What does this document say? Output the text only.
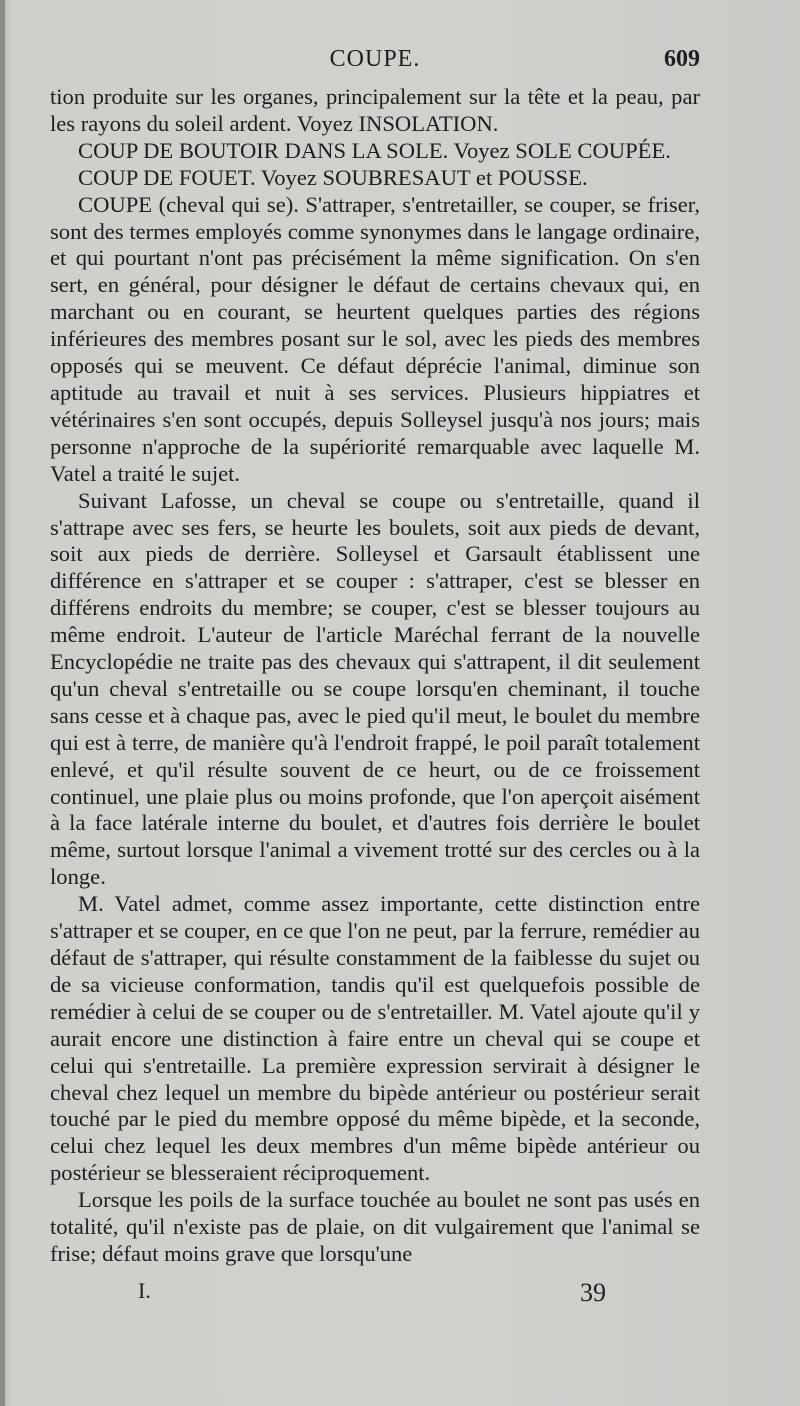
COUPE.	609

tion produite sur les organes, principalement sur la tête et la peau, par les rayons du soleil ardent. Voyez INSOLATION.

COUP DE BOUTOIR DANS LA SOLE. Voyez SOLE COUPÉE.

COUP DE FOUET. Voyez SOUBRESAUT et POUSSE.

COUPE (cheval qui se). S'attraper, s'entretailler, se couper, se friser, sont des termes employés comme synonymes dans le langage ordinaire, et qui pourtant n'ont pas précisément la même signification. On s'en sert, en général, pour désigner le défaut de certains chevaux qui, en marchant ou en courant, se heurtent quelques parties des régions inférieures des membres posant sur le sol, avec les pieds des membres opposés qui se meuvent. Ce défaut déprécie l'animal, diminue son aptitude au travail et nuit à ses services. Plusieurs hippiatres et vétérinaires s'en sont occupés, depuis Solleysel jusqu'à nos jours; mais personne n'approche de la supériorité remarquable avec laquelle M. Vatel a traité le sujet.

Suivant Lafosse, un cheval se coupe ou s'entretaille, quand il s'attrape avec ses fers, se heurte les boulets, soit aux pieds de devant, soit aux pieds de derrière. Solleysel et Garsault établissent une différence en s'attraper et se couper : s'attraper, c'est se blesser en différens endroits du membre; se couper, c'est se blesser toujours au même endroit. L'auteur de l'article Maréchal ferrant de la nouvelle Encyclopédie ne traite pas des chevaux qui s'attrapent, il dit seulement qu'un cheval s'entretaille ou se coupe lorsqu'en cheminant, il touche sans cesse et à chaque pas, avec le pied qu'il meut, le boulet du membre qui est à terre, de manière qu'à l'endroit frappé, le poil paraît totalement enlevé, et qu'il résulte souvent de ce heurt, ou de ce froissement continuel, une plaie plus ou moins profonde, que l'on aperçoit aisément à la face latérale interne du boulet, et d'autres fois derrière le boulet même, surtout lorsque l'animal a vivement trotté sur des cercles ou à la longe.

M. Vatel admet, comme assez importante, cette distinction entre s'attraper et se couper, en ce que l'on ne peut, par la ferrure, remédier au défaut de s'attraper, qui résulte constamment de la faiblesse du sujet ou de sa vicieuse conformation, tandis qu'il est quelquefois possible de remédier à celui de se couper ou de s'entretailler. M. Vatel ajoute qu'il y aurait encore une distinction à faire entre un cheval qui se coupe et celui qui s'entretaille. La première expression servirait à désigner le cheval chez lequel un membre du bipède antérieur ou postérieur serait touché par le pied du membre opposé du même bipède, et la seconde, celui chez lequel les deux membres d'un même bipède antérieur ou postérieur se blesseraient réciproquement.

Lorsque les poils de la surface touchée au boulet ne sont pas usés en totalité, qu'il n'existe pas de plaie, on dit vulgairement que l'animal se frise; défaut moins grave que lorsqu'une

I.	39
